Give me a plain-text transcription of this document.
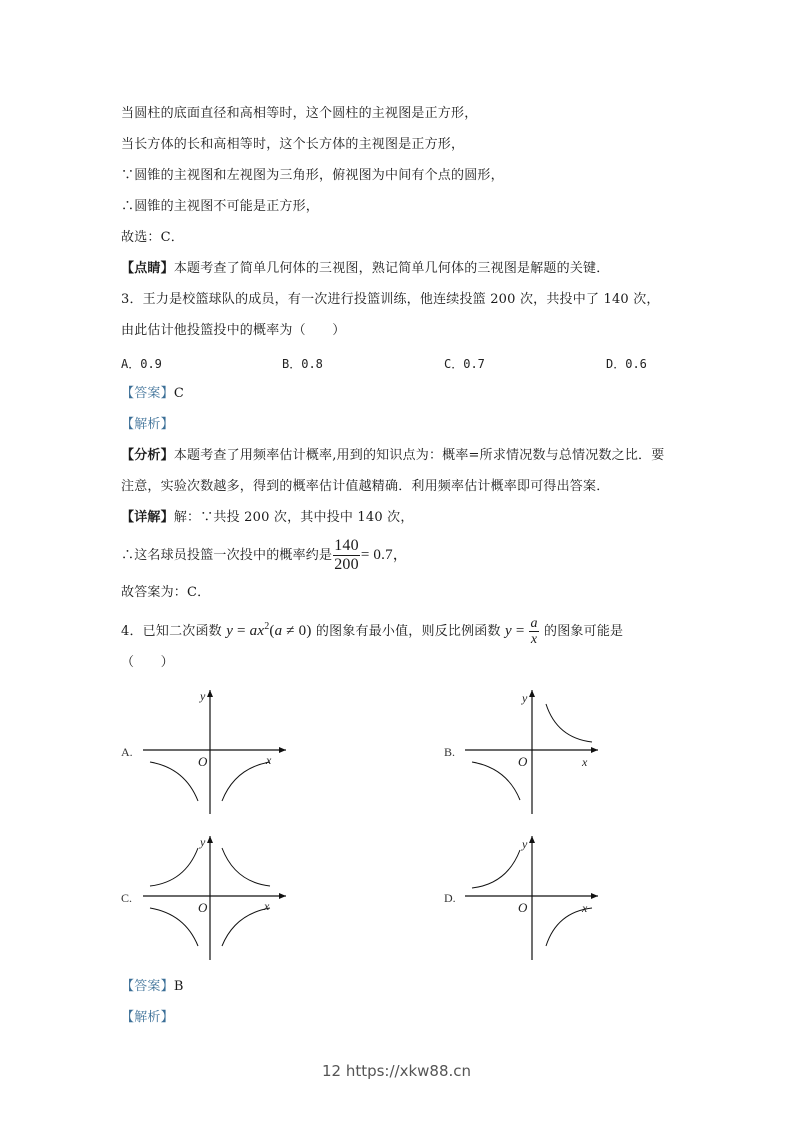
当圆柱的底面直径和高相等时，这个圆柱的主视图是正方形，
当长方体的长和高相等时，这个长方体的主视图是正方形，
∵圆锥的主视图和左视图为三角形，俯视图为中间有个点的圆形，
∴圆锥的主视图不可能是正方形，
故选：C．
【点睛】本题考查了简单几何体的三视图，熟记简单几何体的三视图是解题的关键．
3．王力是校篮球队的成员，有一次进行投篮训练，他连续投篮 200 次，共投中了 140 次，
由此估计他投篮投中的概率为（　　）
A．0.9	B．0.8	C．0.7	D．0.6
【答案】C
【解析】
【分析】本题考查了用频率估计概率,用到的知识点为：概率=所求情况数与总情况数之比．要
注意，实验次数越多，得到的概率估计值越精确．利用频率估计概率即可得出答案．
【详解】解：∵共投 200 次，其中投中 140 次，
∴这名球员投篮一次投中的概率约是 $\frac{140}{200} = 0.7$，
故答案为：C．
4．已知二次函数 $y = ax^2(a \ne 0)$ 的图象有最小值，则反比例函数 $y = \frac{a}{x}$ 的图象可能是
（　　）
A.
y
x
O
B.
y
x
O
C.
y
x
O
D.
y
x
O
【答案】B
【解析】
12 https://xkw88.cn
